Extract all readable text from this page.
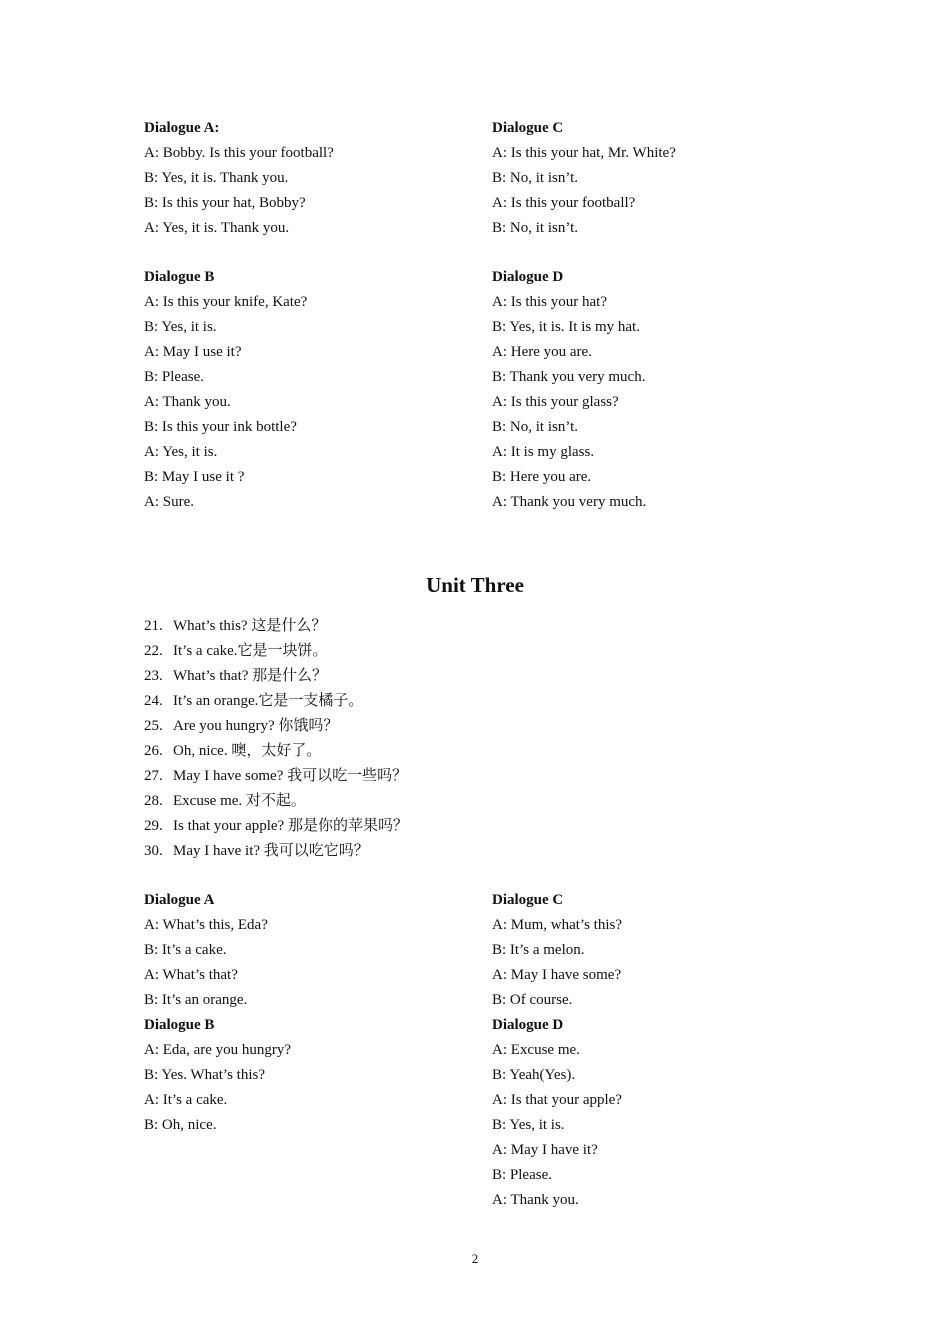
Dialogue A:
A: Bobby. Is this your football?
B: Yes, it is. Thank you.
B: Is this your hat, Bobby?
A: Yes, it is. Thank you.
Dialogue C
A: Is this your hat, Mr. White?
B: No, it isn’t.
A: Is this your football?
B: No, it isn’t.
Dialogue B
A: Is this your knife, Kate?
B: Yes, it is.
A: May I use it?
B: Please.
A: Thank you.
B: Is this your ink bottle?
A: Yes, it is.
B: May I use it ?
A: Sure.
Dialogue D
A: Is this your hat?
B: Yes, it is. It is my hat.
A: Here you are.
B: Thank you very much.
A: Is this your glass?
B: No, it isn’t.
A: It is my glass.
B: Here you are.
A: Thank you very much.
Unit Three
21. What’s this? 这是什么？
22. It’s a cake.它是一块饼。
23. What’s that? 那是什么？
24. It’s an orange.它是一支橘子。
25. Are you hungry? 你饿吗？
26. Oh, nice. 噢，太好了。
27. May I have some? 我可以吃一些吗？
28. Excuse me. 对不起。
29. Is that your apple? 那是你的苹果吗？
30. May I have it? 我可以吃它吗？
Dialogue A
A: What’s this, Eda?
B: It’s a cake.
A: What’s that?
B: It’s an orange.
Dialogue B
A: Eda, are you hungry?
B: Yes. What’s this?
A: It’s a cake.
B: Oh, nice.
Dialogue C
A: Mum, what’s this?
B: It’s a melon.
A: May I have some?
B: Of course.
Dialogue D
A: Excuse me.
B: Yeah(Yes).
A: Is that your apple?
B: Yes, it is.
A: May I have it?
B: Please.
A: Thank you.
2
